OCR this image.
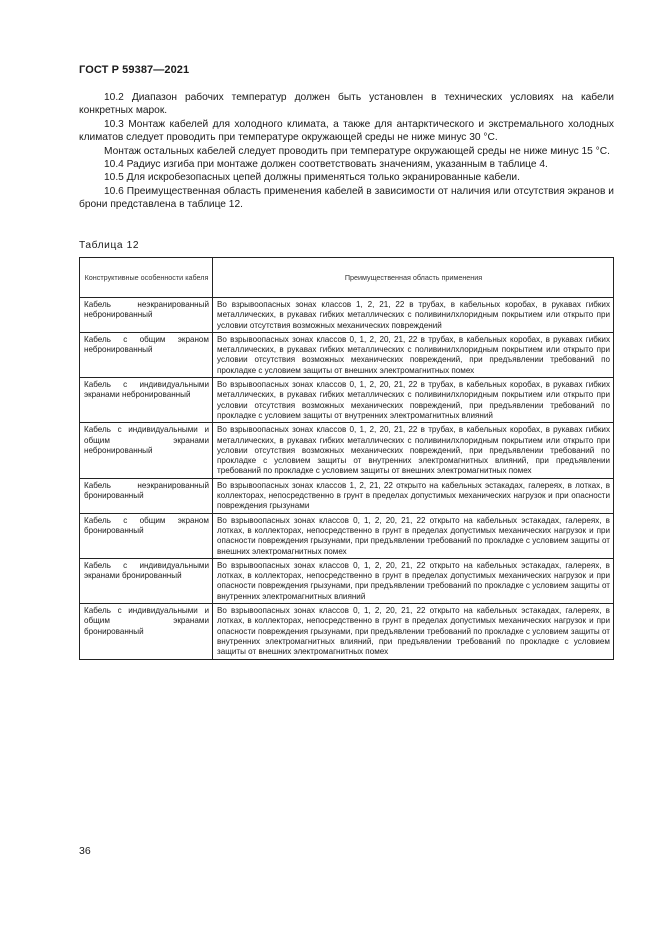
ГОСТ Р 59387—2021

10.2 Диапазон рабочих температур должен быть установлен в технических условиях на кабели конкретных марок.

10.3 Монтаж кабелей для холодного климата, а также для антарктического и экстремального холодных климатов следует проводить при температуре окружающей среды не ниже минус 30 °С.

Монтаж остальных кабелей следует проводить при температуре окружающей среды не ниже минус 15 °С.

10.4 Радиус изгиба при монтаже должен соответствовать значениям, указанным в таблице 4.

10.5 Для искробезопасных цепей должны применяться только экранированные кабели.

10.6 Преимущественная область применения кабелей в зависимости от наличия или отсутствия экранов и брони представлена в таблице 12.

Таблица 12
Конструктивные особенности кабеля	Преимущественная область применения
Кабель неэкранированный небронированный	Во взрывоопасных зонах классов 1, 2, 21, 22 в трубах, в кабельных коробах, в рукавах гибких металлических, в рукавах гибких металлических с поливинилхлоридным покрытием или открыто при условии отсутствия возможных механических повреждений
Кабель с общим экраном небронированный	Во взрывоопасных зонах классов 0, 1, 2, 20, 21, 22 в трубах, в кабельных коробах, в рукавах гибких металлических, в рукавах гибких металлических с поливинилхлоридным покрытием или открыто при условии отсутствия возможных механических повреждений, при предъявлении требований по прокладке с условием защиты от внешних электромагнитных помех
Кабель с индивидуальными экранами небронированный	Во взрывоопасных зонах классов 0, 1, 2, 20, 21, 22 в трубах, в кабельных коробах, в рукавах гибких металлических, в рукавах гибких металлических с поливинилхлоридным покрытием или открыто при условии отсутствия возможных механических повреждений, при предъявлении требований по прокладке с условием защиты от внутренних электромагнитных влияний
Кабель с индивидуальными и общим экранами небронированный	Во взрывоопасных зонах классов 0, 1, 2, 20, 21, 22 в трубах, в кабельных коробах, в рукавах гибких металлических, в рукавах гибких металлических с поливинилхлоридным покрытием или открыто при условии отсутствия возможных механических повреждений, при предъявлении требований по прокладке с условием защиты от внутренних электромагнитных влияний, при предъявлении требований по прокладке с условием защиты от внешних электромагнитных помех
Кабель неэкранированный бронированный	Во взрывоопасных зонах классов 1, 2, 21, 22 открыто на кабельных эстакадах, галереях, в лотках, в коллекторах, непосредственно в грунт в пределах допустимых механических нагрузок и при опасности повреждения грызунами
Кабель с общим экраном бронированный	Во взрывоопасных зонах классов 0, 1, 2, 20, 21, 22 открыто на кабельных эстакадах, галереях, в лотках, в коллекторах, непосредственно в грунт в пределах допустимых механических нагрузок и при опасности повреждения грызунами, при предъявлении требований по прокладке с условием защиты от внешних электромагнитных помех
Кабель с индивидуальными экранами бронированный	Во взрывоопасных зонах классов 0, 1, 2, 20, 21, 22 открыто на кабельных эстакадах, галереях, в лотках, в коллекторах, непосредственно в грунт в пределах допустимых механических нагрузок и при опасности повреждения грызунами, при предъявлении требований по прокладке с условием защиты от внутренних электромагнитных влияний
Кабель с индивидуальными и общим экранами бронированный	Во взрывоопасных зонах классов 0, 1, 2, 20, 21, 22 открыто на кабельных эстакадах, галереях, в лотках, в коллекторах, непосредственно в грунт в пределах допустимых механических нагрузок и при опасности повреждения грызунами, при предъявлении требований по прокладке с условием защиты от внутренних электромагнитных влияний, при предъявлении требований по прокладке с условием защиты от внешних электромагнитных помех
36
